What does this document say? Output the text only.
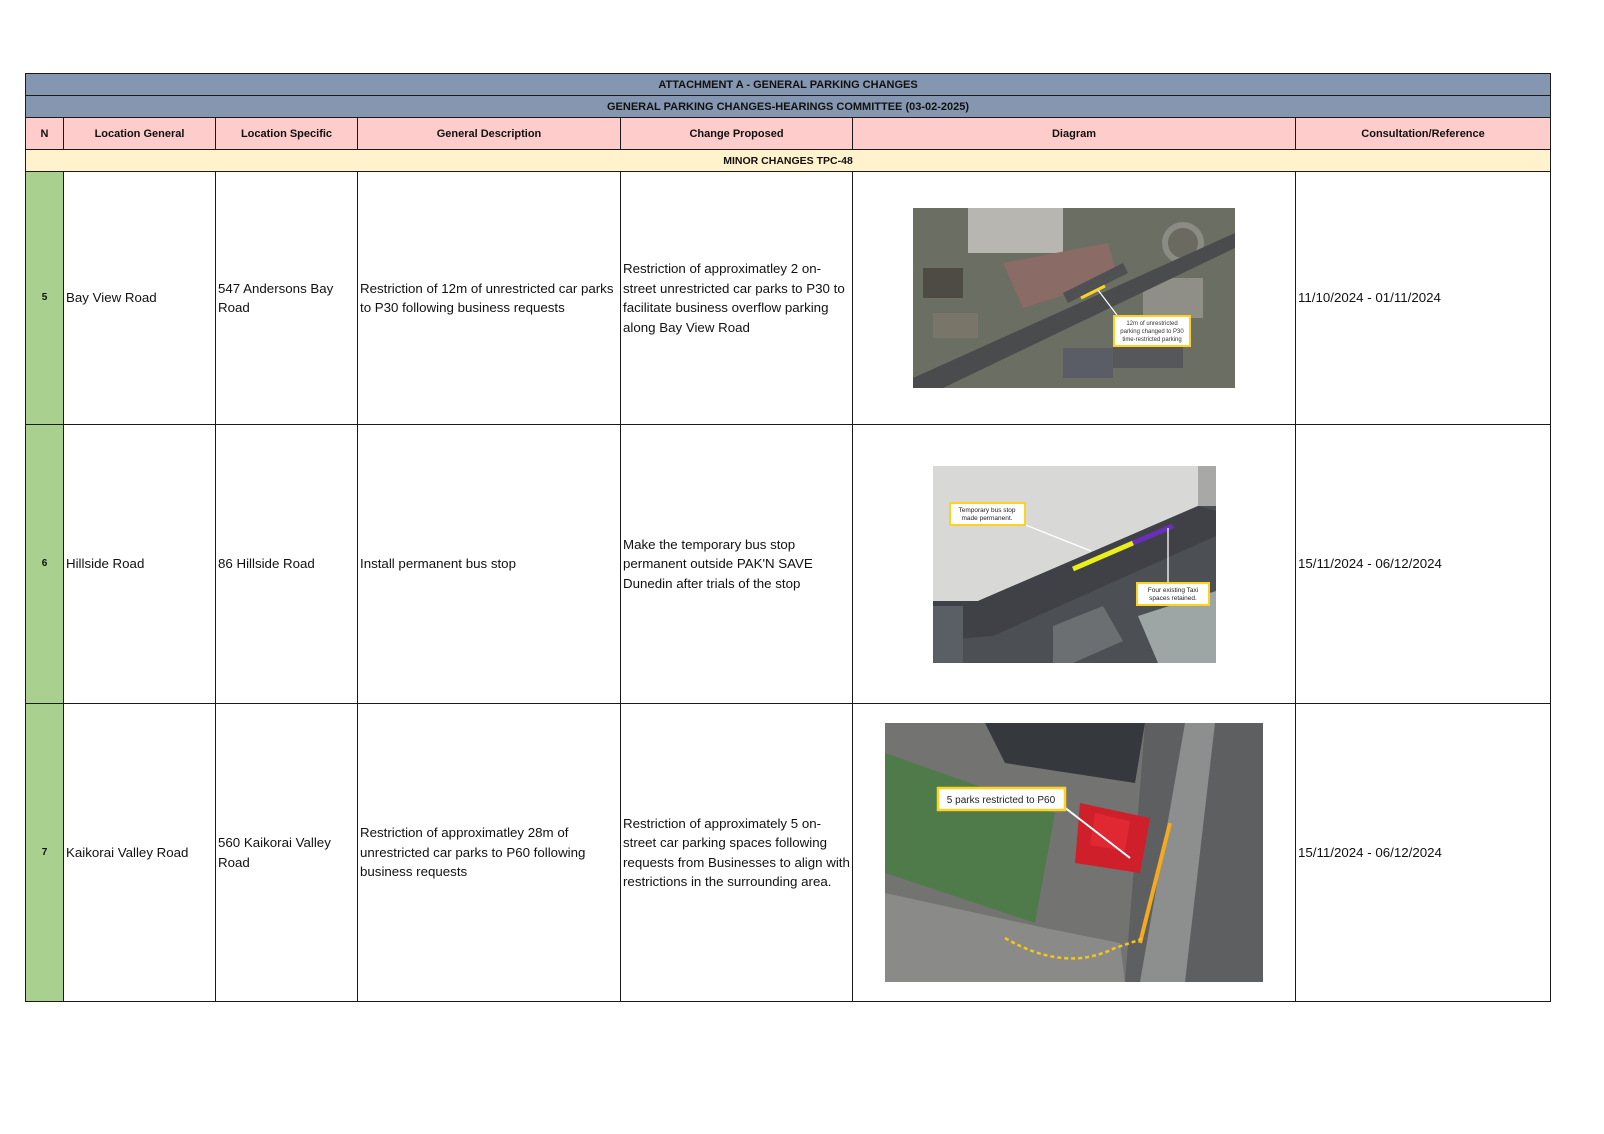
ATTACHMENT A - GENERAL PARKING CHANGES						
GENERAL PARKING CHANGES-HEARINGS COMMITTEE (03-02-2025)						
N	Location General	Location Specific	General Description	Change Proposed	Diagram	Consultation/Reference
MINOR CHANGES TPC-48						
5	Bay View Road	547 Andersons Bay Road	Restriction of 12m of unrestricted car parks to P30 following business requests	Restriction of approximatley 2 on-street unrestricted car parks to P30 to facilitate business overflow parking along Bay View Road	12m of unrestricted
parking changed to P30
time-restricted parking	11/10/2024 - 01/11/2024
6	Hillside Road	86 Hillside Road	Install permanent bus stop	Make the temporary bus stop permanent outside PAK'N SAVE Dunedin after trials of the stop	Temporary bus stop
made permanent.
Four existing Taxi
spaces retained.	15/11/2024 - 06/12/2024
7	Kaikorai Valley Road	560 Kaikorai Valley Road	Restriction of approximatley 28m of unrestricted car parks to P60 following business requests	Restriction of approximately 5 on-street car parking spaces following requests from Businesses to align with restrictions in the surrounding area.	5 parks restricted to P60	15/11/2024 - 06/12/2024
